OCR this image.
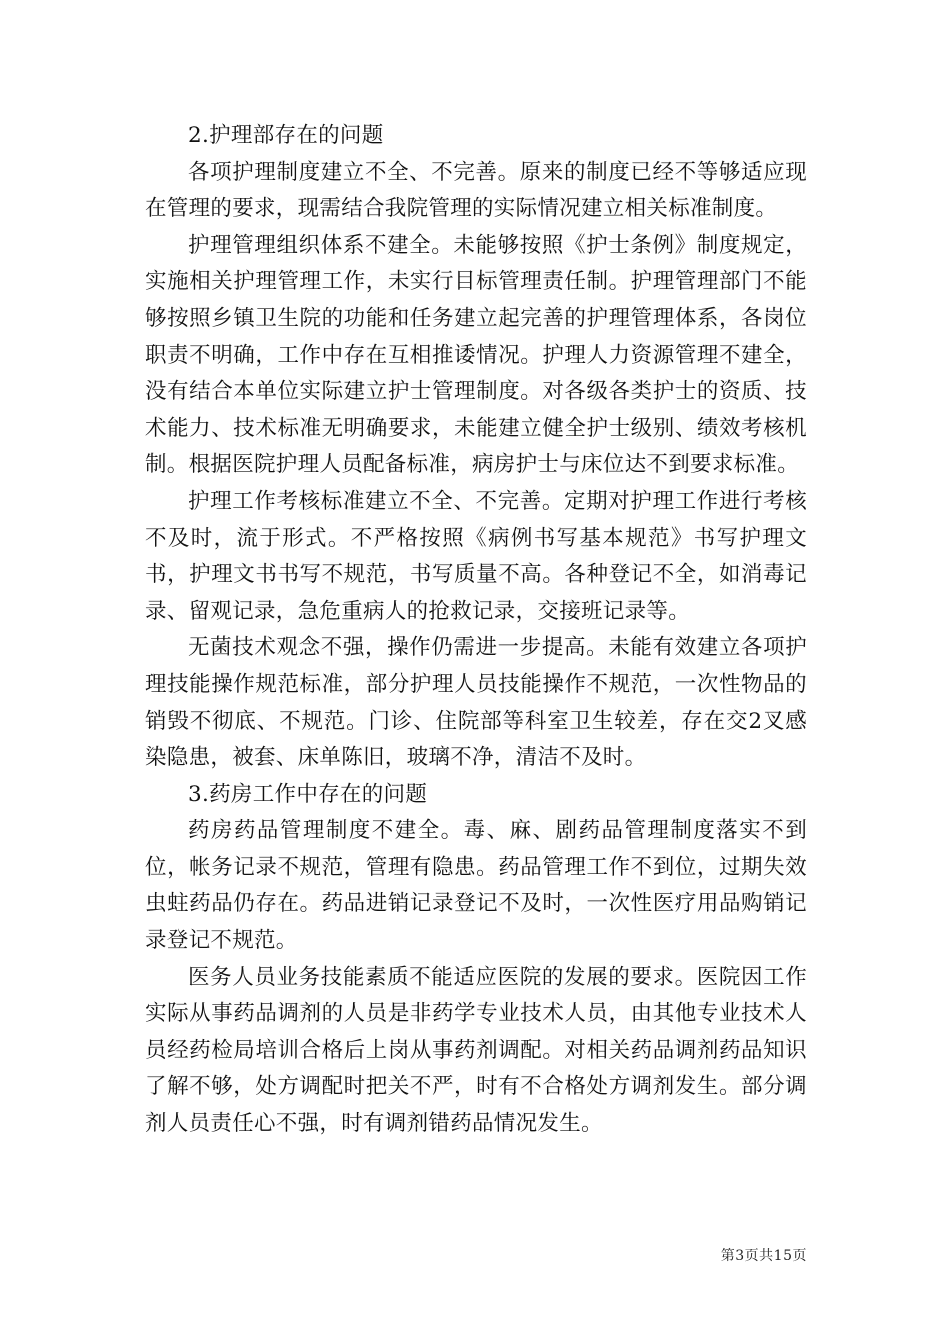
2.护理部存在的问题

各项护理制度建立不全、不完善。原来的制度已经不等够适应现在管理的要求，现需结合我院管理的实际情况建立相关标准制度。

护理管理组织体系不建全。未能够按照《护士条例》制度规定，实施相关护理管理工作，未实行目标管理责任制。护理管理部门不能够按照乡镇卫生院的功能和任务建立起完善的护理管理体系，各岗位职责不明确，工作中存在互相推诿情况。护理人力资源管理不建全，没有结合本单位实际建立护士管理制度。对各级各类护士的资质、技术能力、技术标准无明确要求，未能建立健全护士级别、绩效考核机制。根据医院护理人员配备标准，病房护士与床位达不到要求标准。

护理工作考核标准建立不全、不完善。定期对护理工作进行考核不及时，流于形式。不严格按照《病例书写基本规范》书写护理文书，护理文书书写不规范，书写质量不高。各种登记不全，如消毒记录、留观记录，急危重病人的抢救记录，交接班记录等。

无菌技术观念不强，操作仍需进一步提高。未能有效建立各项护理技能操作规范标准，部分护理人员技能操作不规范，一次性物品的销毁不彻底、不规范。门诊、住院部等科室卫生较差，存在交2叉感染隐患，被套、床单陈旧，玻璃不净，清洁不及时。

3.药房工作中存在的问题

药房药品管理制度不建全。毒、麻、剧药品管理制度落实不到位，帐务记录不规范，管理有隐患。药品管理工作不到位，过期失效虫蛀药品仍存在。药品进销记录登记不及时，一次性医疗用品购销记录登记不规范。

医务人员业务技能素质不能适应医院的发展的要求。医院因工作实际从事药品调剂的人员是非药学专业技术人员，由其他专业技术人员经药检局培训合格后上岗从事药剂调配。对相关药品调剂药品知识了解不够，处方调配时把关不严，时有不合格处方调剂发生。部分调剂人员责任心不强，时有调剂错药品情况发生。

第3页共15页
